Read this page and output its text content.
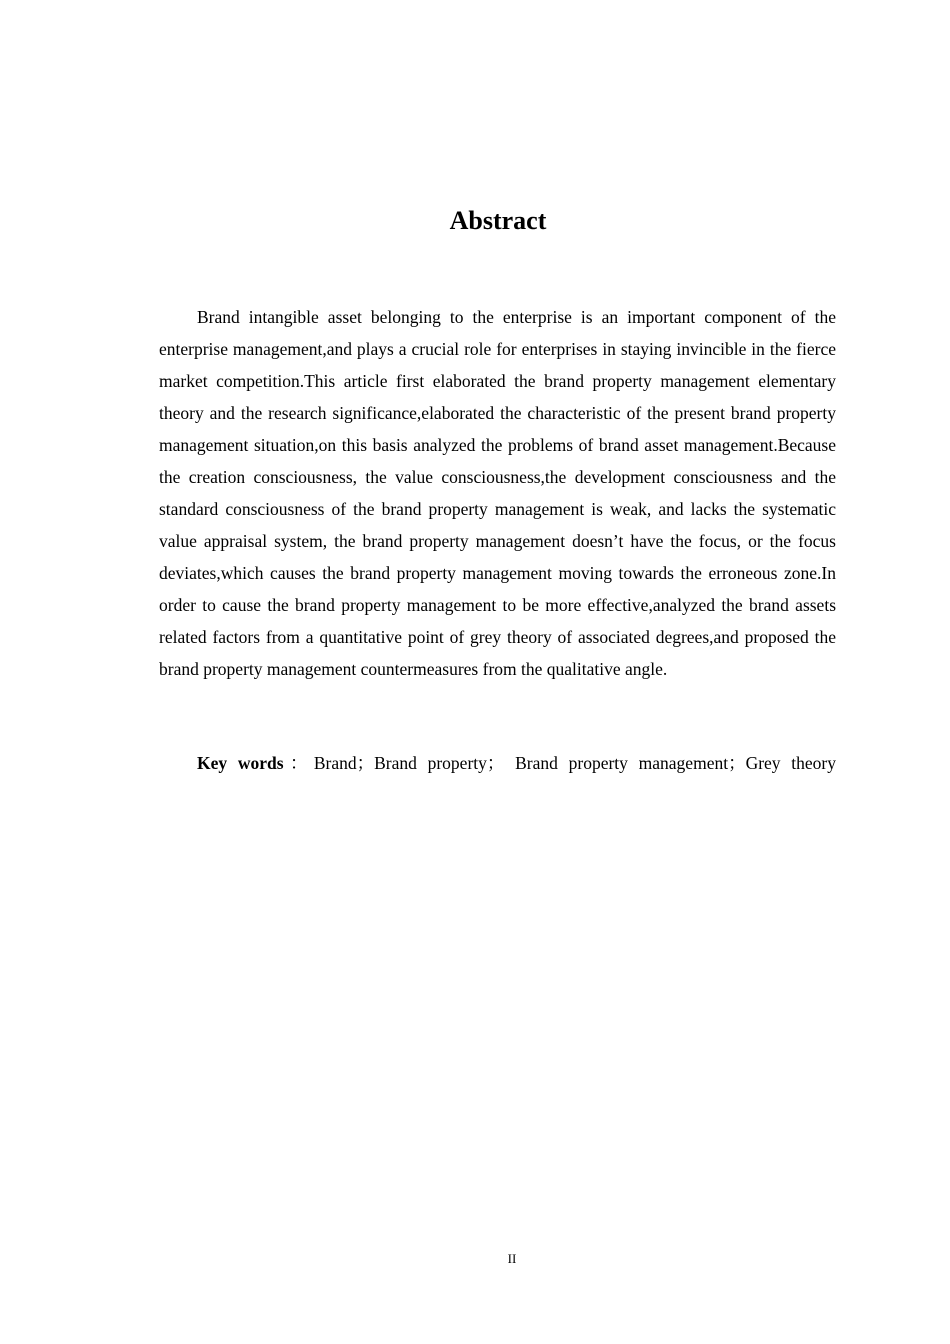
Abstract

Brand intangible asset belonging to the enterprise is an important component of the enterprise management,and plays a crucial role for enterprises in staying invincible in the fierce market competition.This article first elaborated the brand property management elementary theory and the research significance,elaborated the characteristic of the present brand property management situation,on this basis analyzed the problems of brand asset management.Because the creation consciousness, the value consciousness,the development consciousness and the standard consciousness of the brand property management is weak, and lacks the systematic value appraisal system, the brand property management doesn’t have the focus, or the focus deviates,which causes the brand property management moving towards the erroneous zone.In order to cause the brand property management to be more effective,analyzed the brand assets related factors from a quantitative point of grey theory of associated degrees,and proposed the brand property management countermeasures from the qualitative angle.

Key words：Brand；Brand property； Brand property management；Grey theory

II
